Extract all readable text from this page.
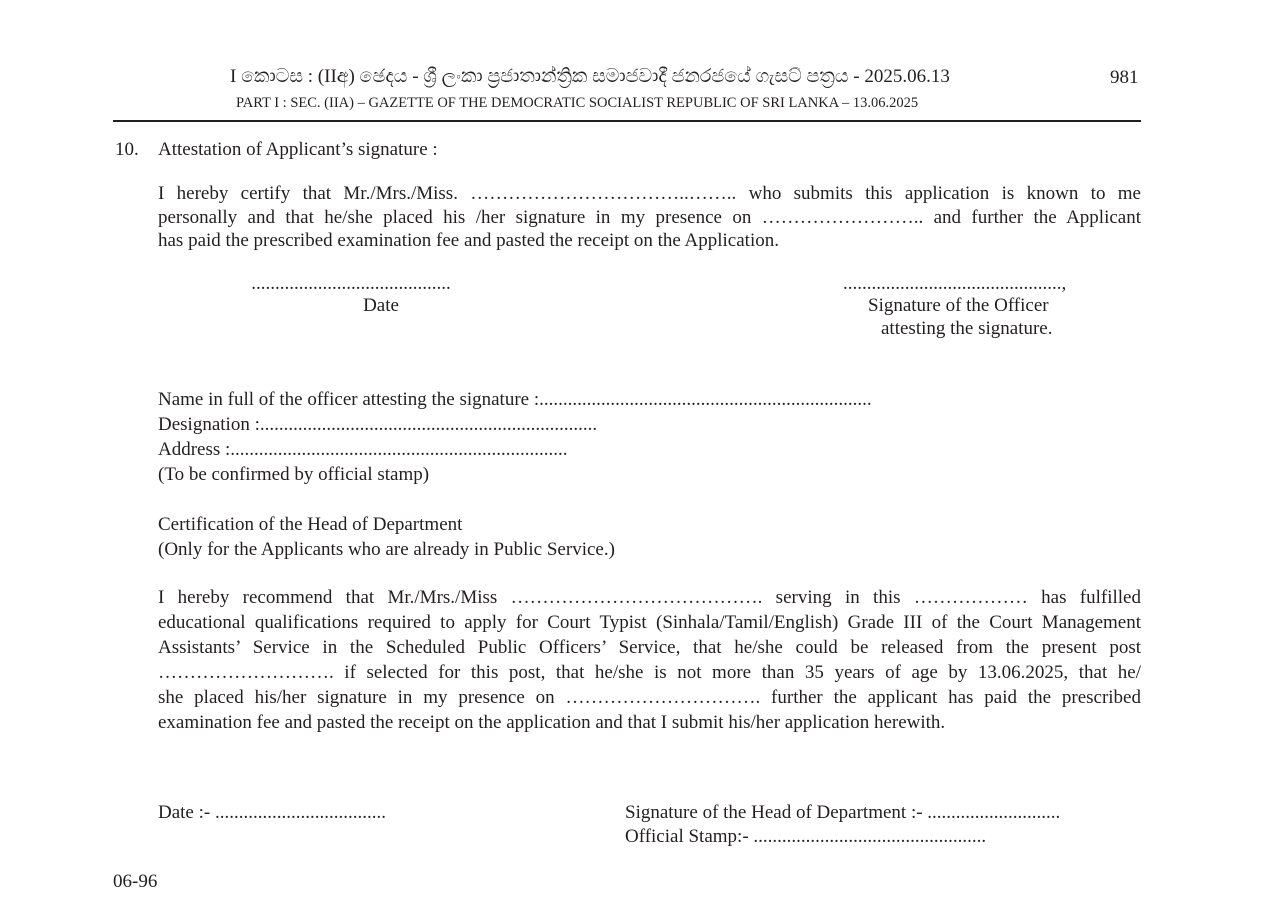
I කොටස : (IIඅ) ඡෙදය - ශ්‍රී ලංකා ප්‍රජාතාන්ත්‍රික සමාජවාදී ජනරජයේ ගැසට් පත්‍රය - 2025.06.13
PART I : SEC. (IIA) – GAZETTE OF THE DEMOCRATIC SOCIALIST REPUBLIC OF SRI LANKA – 13.06.2025
981
10. Attestation of Applicant’s signature :
I hereby certify that Mr./Mrs./Miss. ……………………………..…….. who submits this application is known to me
personally and that he/she placed his /her signature in my presence on …………………….. and further the Applicant
has paid the prescribed examination fee and pasted the receipt on the Application.
..........................................
Date
..............................................,
Signature of the Officer
attesting the signature.
Name in full of the officer attesting the signature :......................................................................
Designation :.......................................................................
Address :.......................................................................
(To be confirmed by official stamp)
Certification of the Head of Department
(Only for the Applicants who are already in Public Service.)
I hereby recommend that Mr./Mrs./Miss …………………………………. serving in this ……………… has fulfilled
educational qualifications required to apply for Court Typist (Sinhala/Tamil/English) Grade III of the Court Management
Assistants’ Service in the Scheduled Public Officers’ Service, that he/she could be released from the present post
………………………. if selected for this post, that he/she is not more than 35 years of age by 13.06.2025, that he/
she placed his/her signature in my presence on …………………………. further the applicant has paid the prescribed
examination fee and pasted the receipt on the application and that I submit his/her application herewith.
Date :- ....................................	Signature of the Head of Department :- ............................
Official Stamp:- .................................................
06-96
